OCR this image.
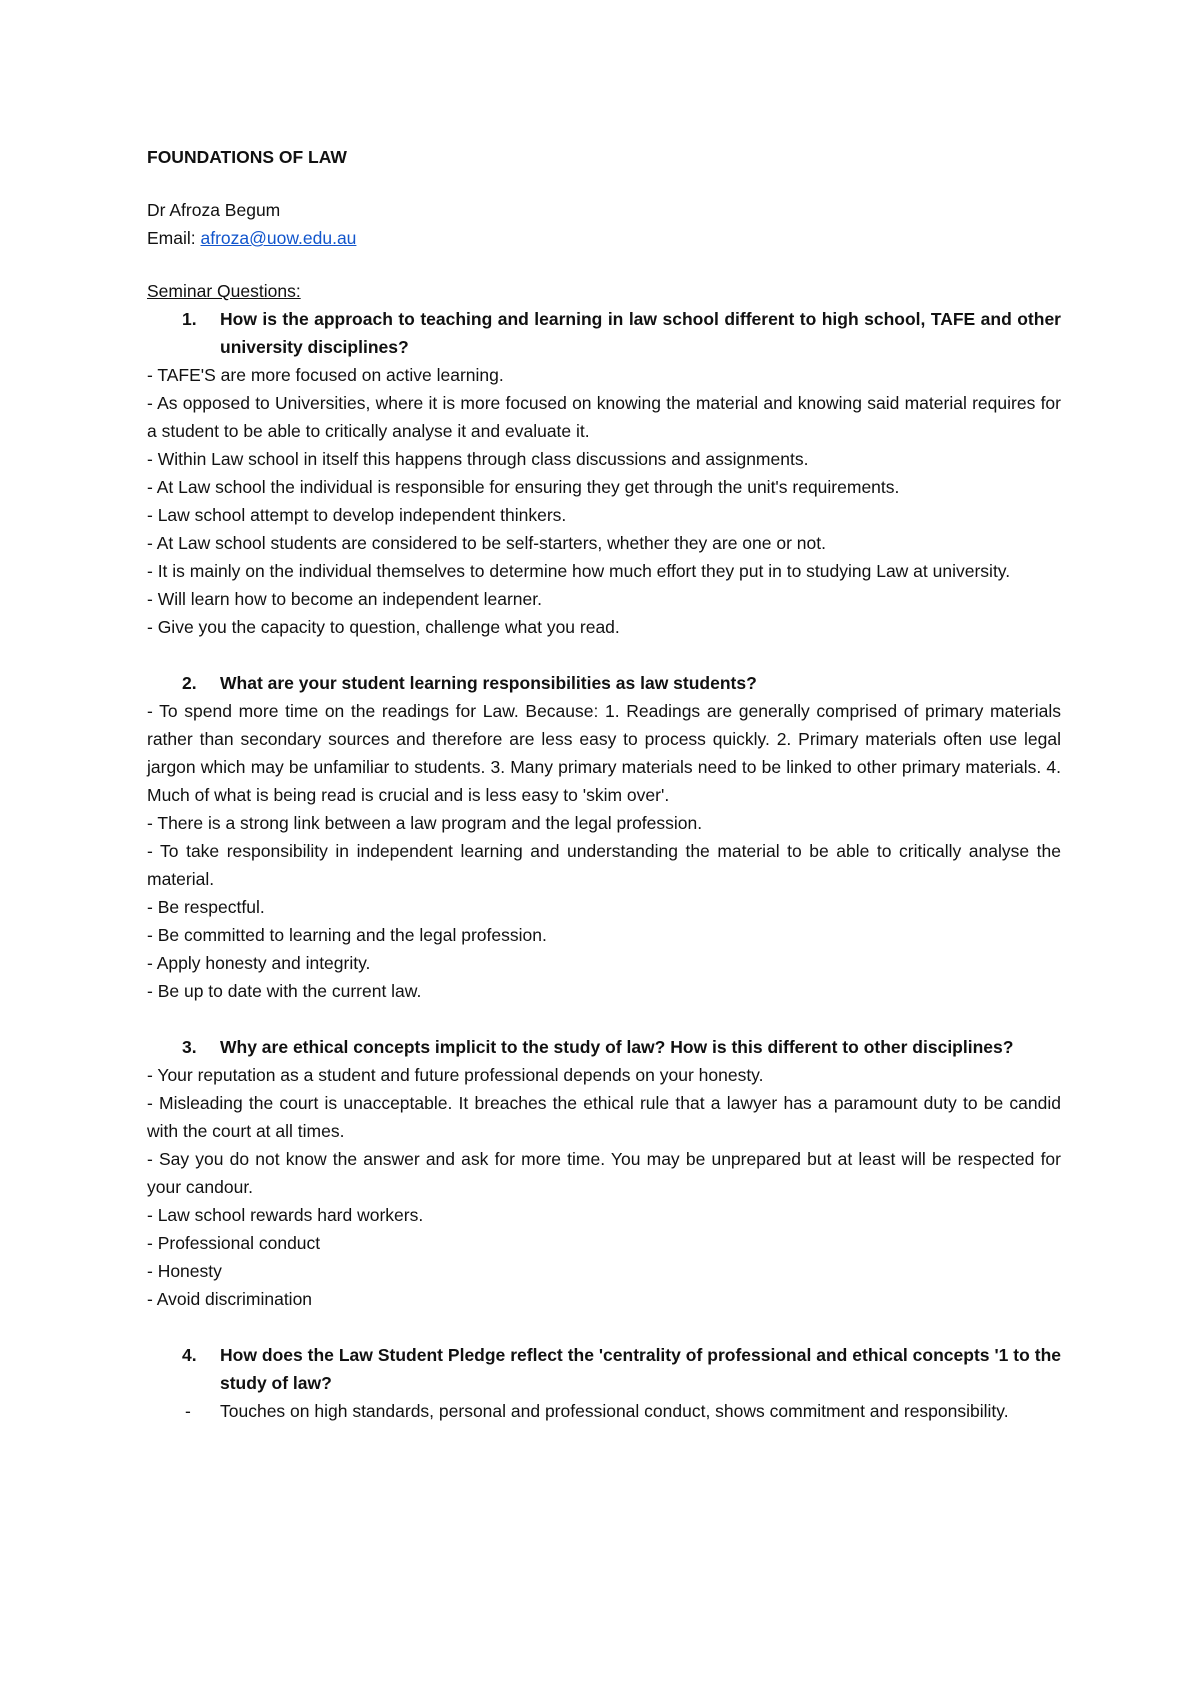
FOUNDATIONS OF LAW
Dr Afroza Begum
Email: afroza@uow.edu.au
Seminar Questions:
1. How is the approach to teaching and learning in law school different to high school, TAFE and other university disciplines?
- TAFE'S are more focused on active learning.
- As opposed to Universities, where it is more focused on knowing the material and knowing said material requires for a student to be able to critically analyse it and evaluate it.
- Within Law school in itself this happens through class discussions and assignments.
- At Law school the individual is responsible for ensuring they get through the unit's requirements.
- Law school attempt to develop independent thinkers.
- At Law school students are considered to be self-starters, whether they are one or not.
- It is mainly on the individual themselves to determine how much effort they put in to studying Law at university.
- Will learn how to become an independent learner.
- Give you the capacity to question, challenge what you read.
2. What are your student learning responsibilities as law students?
- To spend more time on the readings for Law. Because: 1. Readings are generally comprised of primary materials rather than secondary sources and therefore are less easy to process quickly. 2. Primary materials often use legal jargon which may be unfamiliar to students. 3. Many primary materials need to be linked to other primary materials. 4. Much of what is being read is crucial and is less easy to 'skim over'.
- There is a strong link between a law program and the legal profession.
- To take responsibility in independent learning and understanding the material to be able to critically analyse the material.
- Be respectful.
- Be committed to learning and the legal profession.
- Apply honesty and integrity.
- Be up to date with the current law.
3. Why are ethical concepts implicit to the study of law? How is this different to other disciplines?
- Your reputation as a student and future professional depends on your honesty.
- Misleading the court is unacceptable. It breaches the ethical rule that a lawyer has a paramount duty to be candid with the court at all times.
- Say you do not know the answer and ask for more time. You may be unprepared but at least will be respected for your candour.
- Law school rewards hard workers.
- Professional conduct
- Honesty
- Avoid discrimination
4. How does the Law Student Pledge reflect the 'centrality of professional and ethical concepts '1 to the study of law?
- Touches on high standards, personal and professional conduct, shows commitment and responsibility.
